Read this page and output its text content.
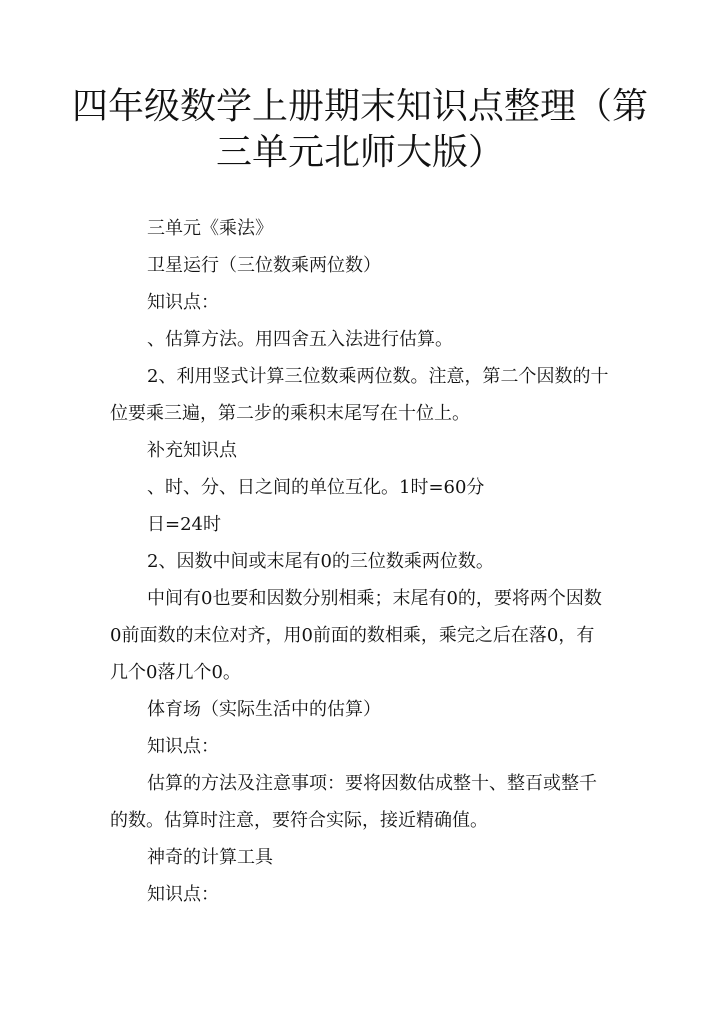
四年级数学上册期末知识点整理（第三单元北师大版）

三单元《乘法》

卫星运行（三位数乘两位数）

知识点：

、估算方法。用四舍五入法进行估算。

2、利用竖式计算三位数乘两位数。注意，第二个因数的十位要乘三遍，第二步的乘积末尾写在十位上。

补充知识点

、时、分、日之间的单位互化。1时=60分

日=24时

2、因数中间或末尾有0的三位数乘两位数。

中间有0也要和因数分别相乘；末尾有0的，要将两个因数0前面数的末位对齐，用0前面的数相乘，乘完之后在落0，有几个0落几个0。

体育场（实际生活中的估算）

知识点：

估算的方法及注意事项：要将因数估成整十、整百或整千的数。估算时注意，要符合实际，接近精确值。

神奇的计算工具

知识点：
